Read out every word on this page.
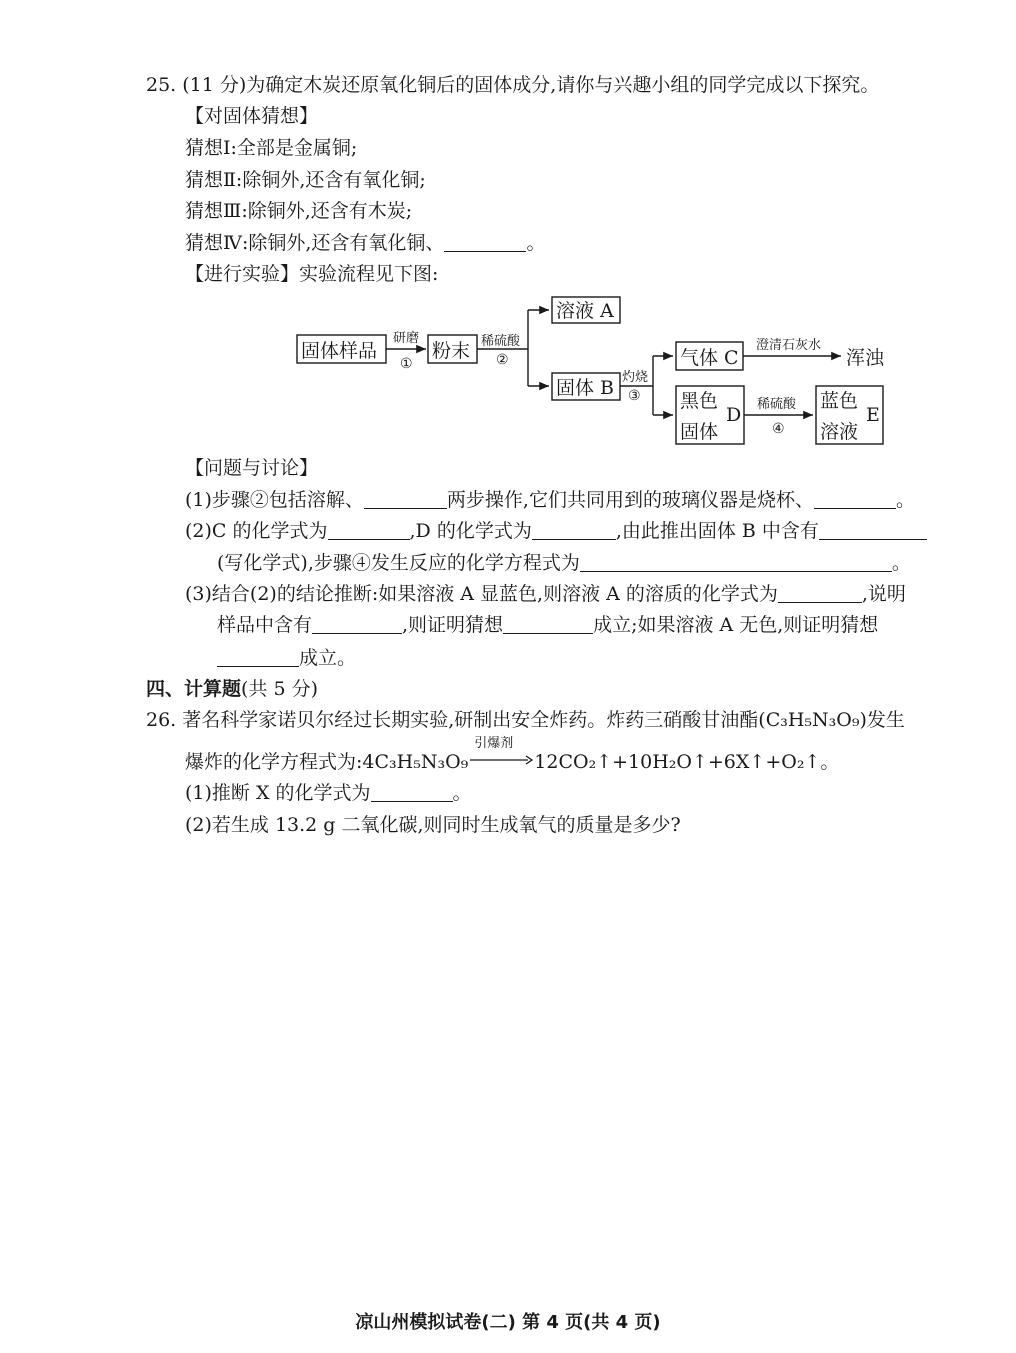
25. (11 分)为确定木炭还原氧化铜后的固体成分,请你与兴趣小组的同学完成以下探究。
【对固体猜想】
猜想Ⅰ:全部是金属铜;
猜想Ⅱ:除铜外,还含有氧化铜;
猜想Ⅲ:除铜外,还含有木炭;
猜想Ⅳ:除铜外,还含有氧化铜、	。
【进行实验】实验流程见下图:
固体样品
研磨
①
粉末 稀硫酸
②
溶液 A
固体 B 灼烧
③
气体 C
澄清石灰水
浑浊
黑色
固体
D 稀硫酸
④
蓝色
溶液
E
【问题与讨论】
(1)步骤②包括溶解、	两步操作,它们共同用到的玻璃仪器是烧杯、	。
(2)C 的化学式为	,D 的化学式为	,由此推出固体 B 中含有
(写化学式),步骤④发生反应的化学方程式为	。
(3)结合(2)的结论推断:如果溶液 A 显蓝色,则溶液 A 的溶质的化学式为	,说明
样品中含有	,则证明猜想	成立;如果溶液 A 无色,则证明猜想
成立。
四、计算题(共 5 分)
26. 著名科学家诺贝尔经过长期实验,研制出安全炸药。炸药三硝酸甘油酯(C₃H₅N₃O₉)发生
爆炸的化学方程式为:4C₃H₅N₃O₉
引爆剂
12CO₂↑+10H₂O↑+6X↑+O₂↑。
(1)推断 X 的化学式为	。
(2)若生成 13.2 g 二氧化碳,则同时生成氧气的质量是多少?
凉山州模拟试卷(二) 第 4 页(共 4 页)
